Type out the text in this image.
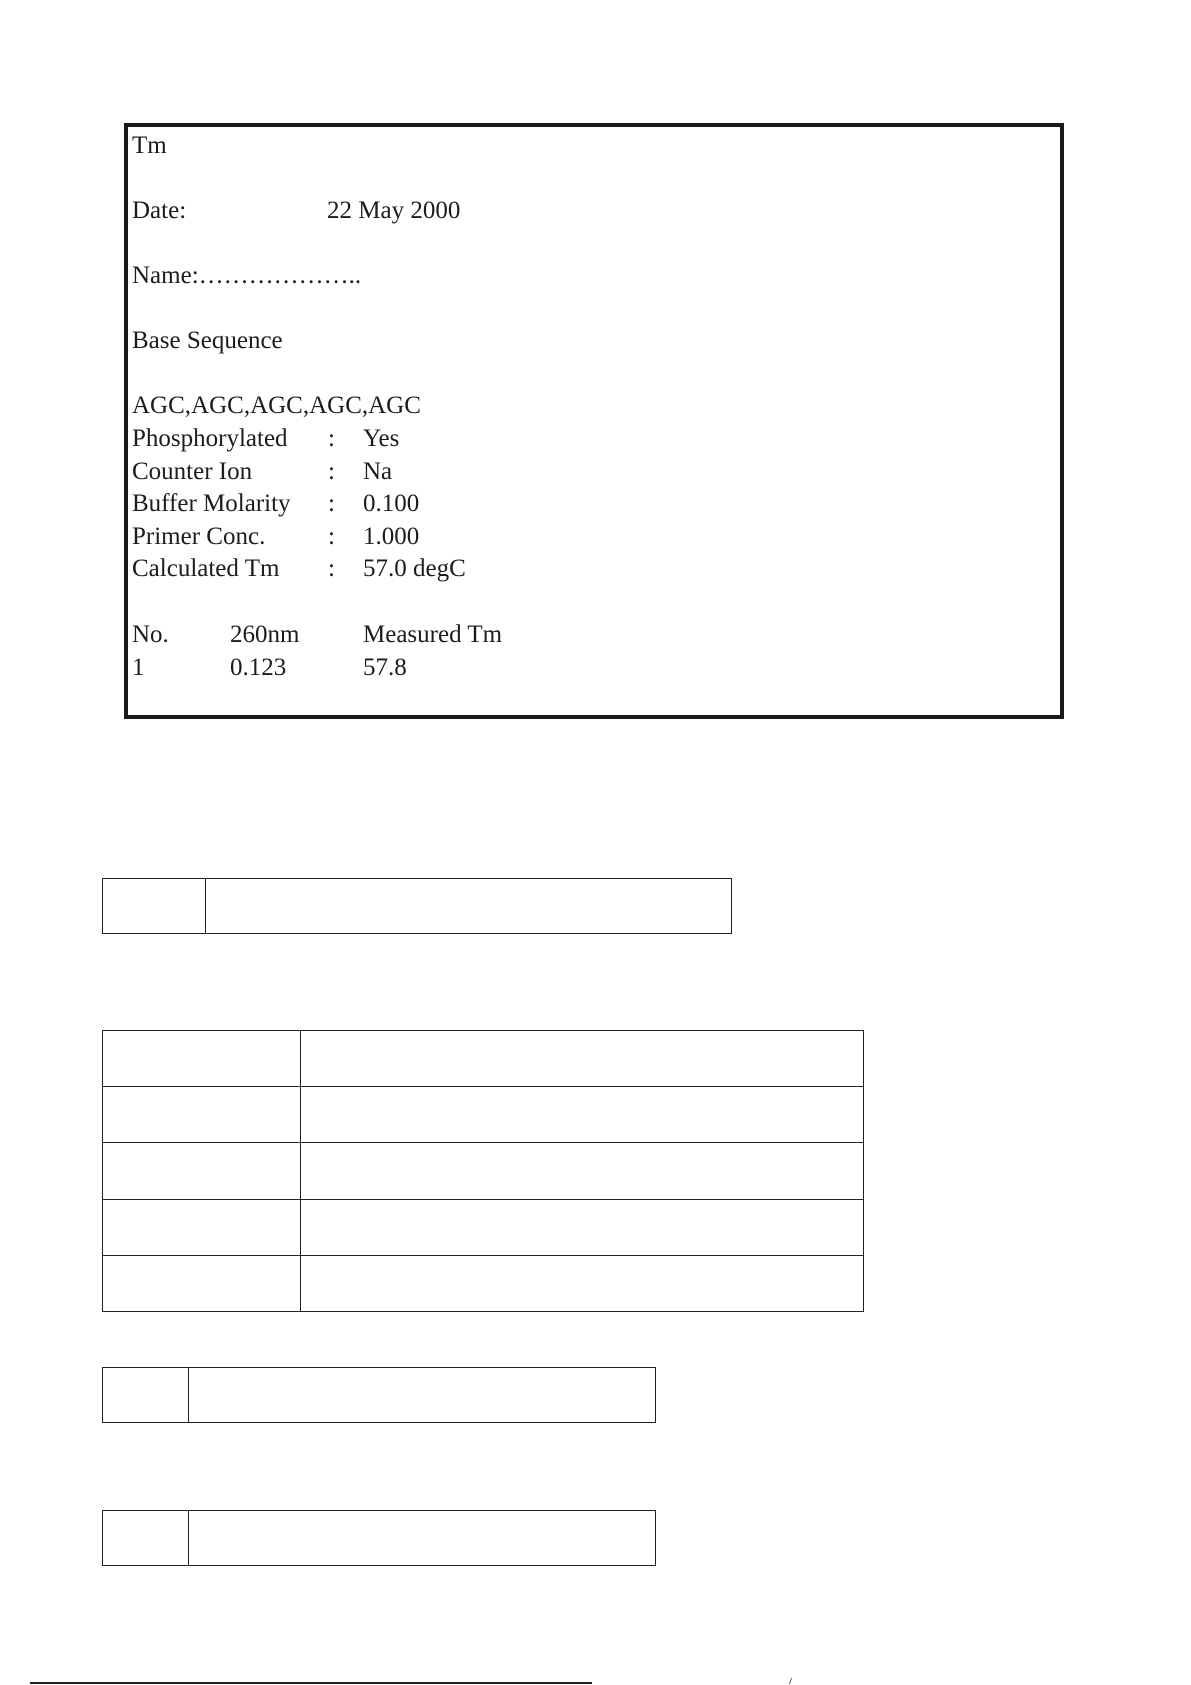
Tm
Date:	22 May 2000
Name:………………..
Base Sequence
AGC,AGC,AGC,AGC,AGC
Phosphorylated : Yes
Counter Ion	: Na
Buffer Molarity : 0.100
Primer Conc.	: 1.000
Calculated Tm : 57.0 degC
No. 260nm	Measured Tm
1	0.123	57.8
